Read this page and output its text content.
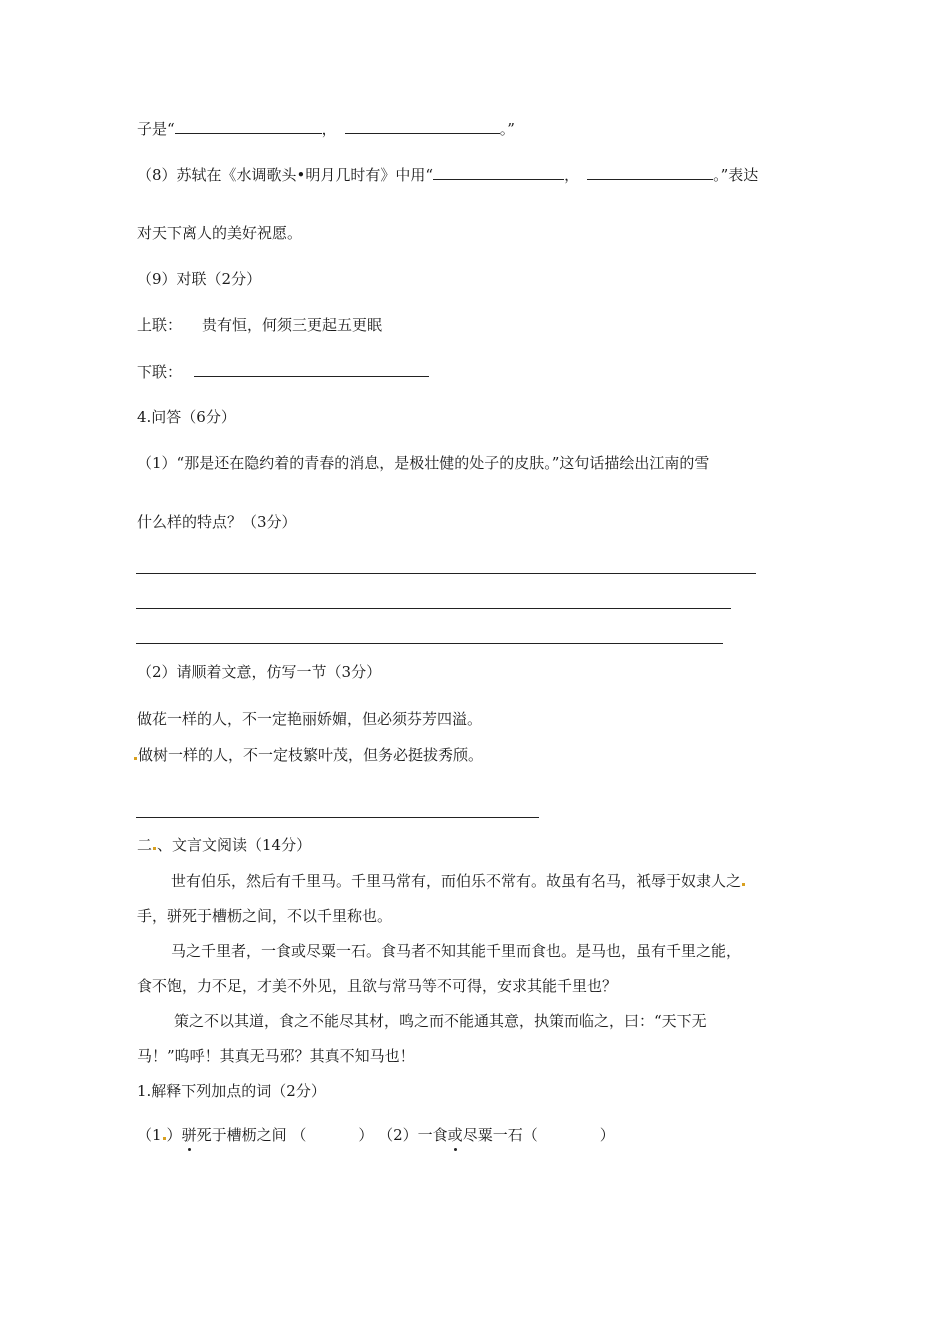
子是“	，	。”
（8）苏轼在《水调歌头•明月几时有》中用“	，	。”表达
对天下离人的美好祝愿。
（9）对联（2分）
上联： 贵有恒，何须三更起五更眠
下联：
4.问答（6分）
（1）“那是还在隐约着的青春的消息，是极壮健的处子的皮肤。”这句话描绘出江南的雪
什么样的特点？（3分）
（2）请顺着文意，仿写一节（3分）
做花一样的人，不一定艳丽娇媚，但必须芬芳四溢。
做树一样的人，不一定枝繁叶茂，但务必挺拔秀颀。
二 、文言文阅读（14分）
世有伯乐，然后有千里马。千里马常有，而伯乐不常有。故虽有名马，衹辱于奴隶人之
手，骈死于槽枥之间，不以千里称也。
马之千里者，一食或尽粟一石。食马者不知其能千里而食也。是马也，虽有千里之能，
食不饱，力不足，才美不外见，且欲与常马等不可得，安求其能千里也？
策之不以其道，食之不能尽其材，鸣之而不能通其意，执策而临之，曰：“天下无
马！”呜呼！其真无马邪？其真不知马也！
1.解释下列加点的词（2分）
（1 ）骈死于槽枥之间 （	） （2）一食或尽粟一石（	）
